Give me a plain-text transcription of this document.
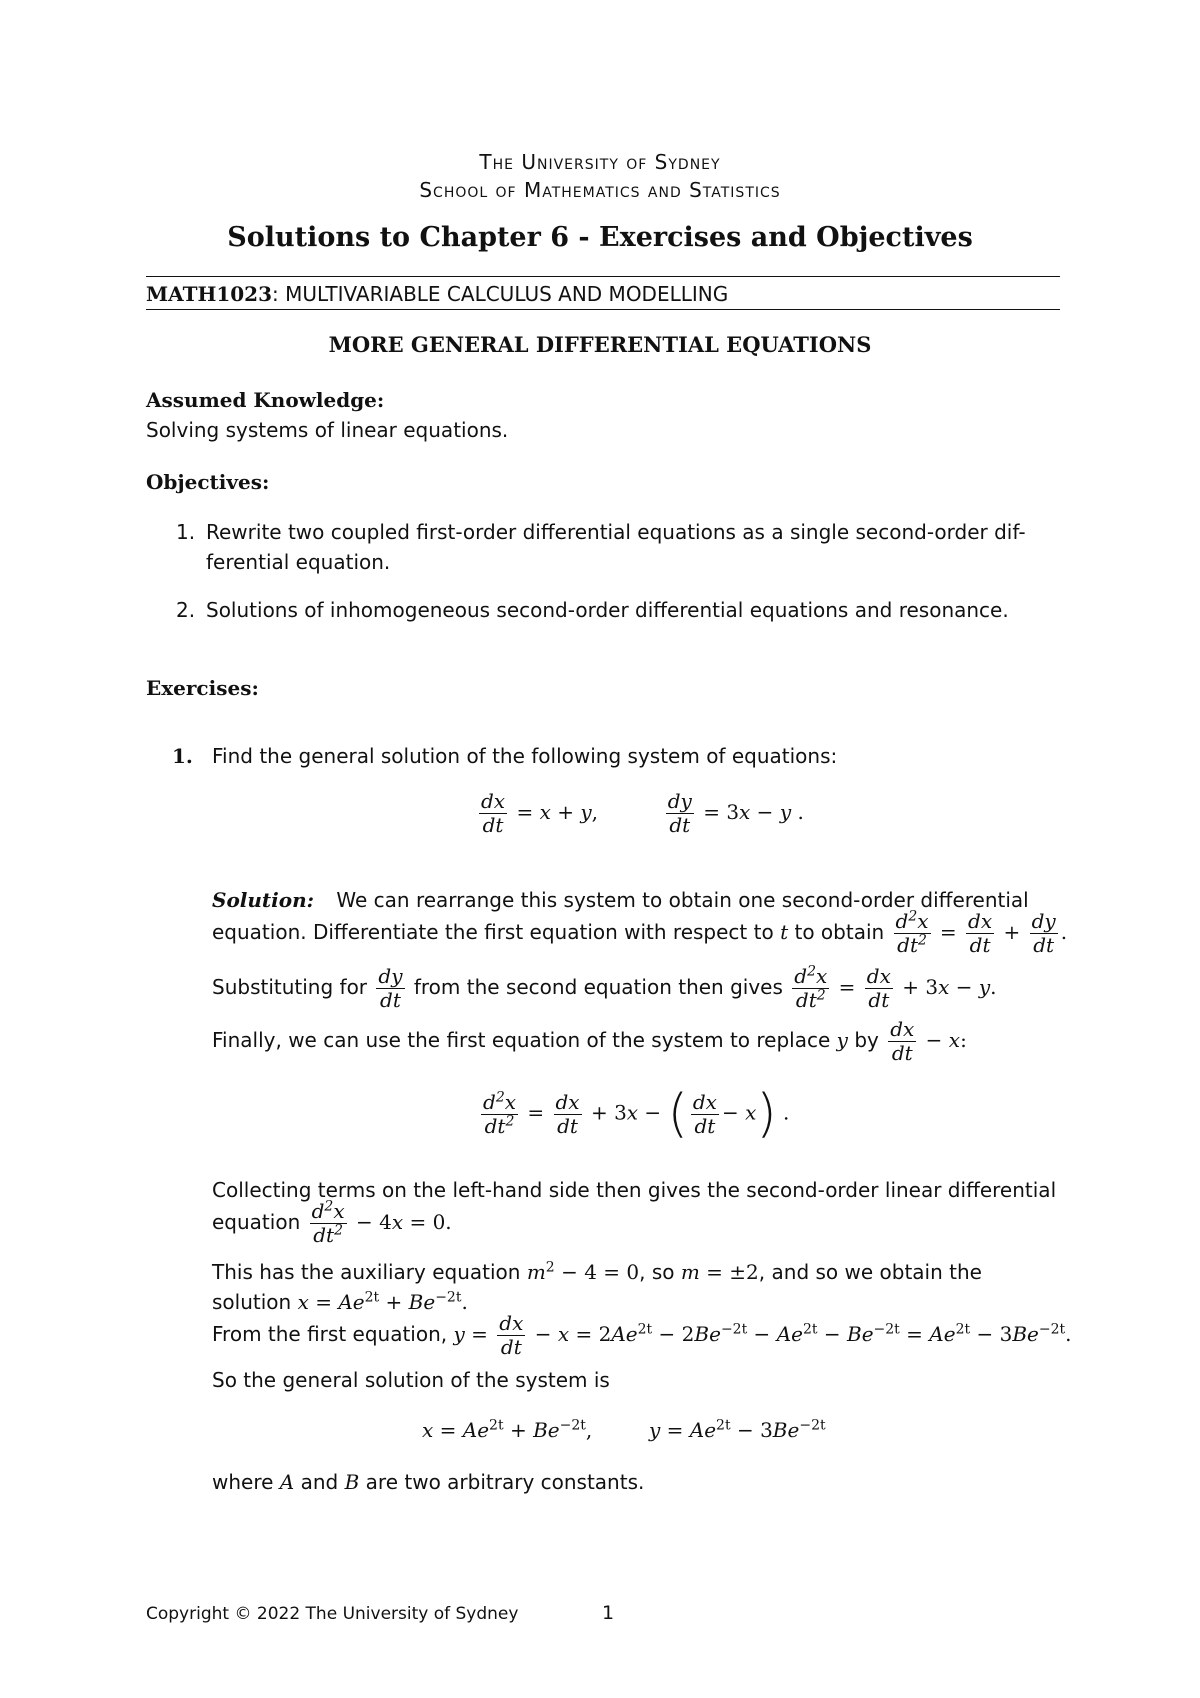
The University of Sydney
School of Mathematics and Statistics
Solutions to Chapter 6 - Exercises and Objectives
MATH1023: MULTIVARIABLE CALCULUS AND MODELLING
MORE GENERAL DIFFERENTIAL EQUATIONS
Assumed Knowledge:
Solving systems of linear equations.
Objectives:
1. Rewrite two coupled first-order differential equations as a single second-order dif-
ferential equation.
2. Solutions of inhomogeneous second-order differential equations and resonance.
Exercises:
1. Find the general solution of the following system of equations:
$\frac{dx}{dt} = x + y$,	$\frac{dy}{dt} = 3x - y$ .
Solution: We can rearrange this system to obtain one second-order differential
equation. Differentiate the first equation with respect to t to obtain $\frac{d^2x}{dt^2} = \frac{dx}{dt} + \frac{dy}{dt}$ .
Substituting for $\frac{dy}{dt}$ from the second equation then gives $\frac{d^2x}{dt^2} = \frac{dx}{dt} + 3x - y$.
Finally, we can use the first equation of the system to replace y by $\frac{dx}{dt} - x$:
$\frac{d^2x}{dt^2} = \frac{dx}{dt} + 3x$ − ( $\frac{dx}{dt} - x$) .
Collecting terms on the left-hand side then gives the second-order linear differential
equation $\frac{d^2x}{dt^2} - 4x = 0$.
This has the auxiliary equation $m^2 - 4 = 0$, so m = ±2, and so we obtain the
solution $x = Ae^{2t} + Be^{-2t}$.
From the first equation, $y = \frac{dx}{dt} - x = 2Ae^{2t} - 2Be^{-2t} - Ae^{2t} - Be^{-2t} = Ae^{2t} - 3Be^{-2t}$.
So the general solution of the system is
$x = Ae^{2t} + Be^{-2t}$,	$y = Ae^{2t} - 3Be^{-2t}$
where A and B are two arbitrary constants.
Copyright © 2022 The University of Sydney	1
